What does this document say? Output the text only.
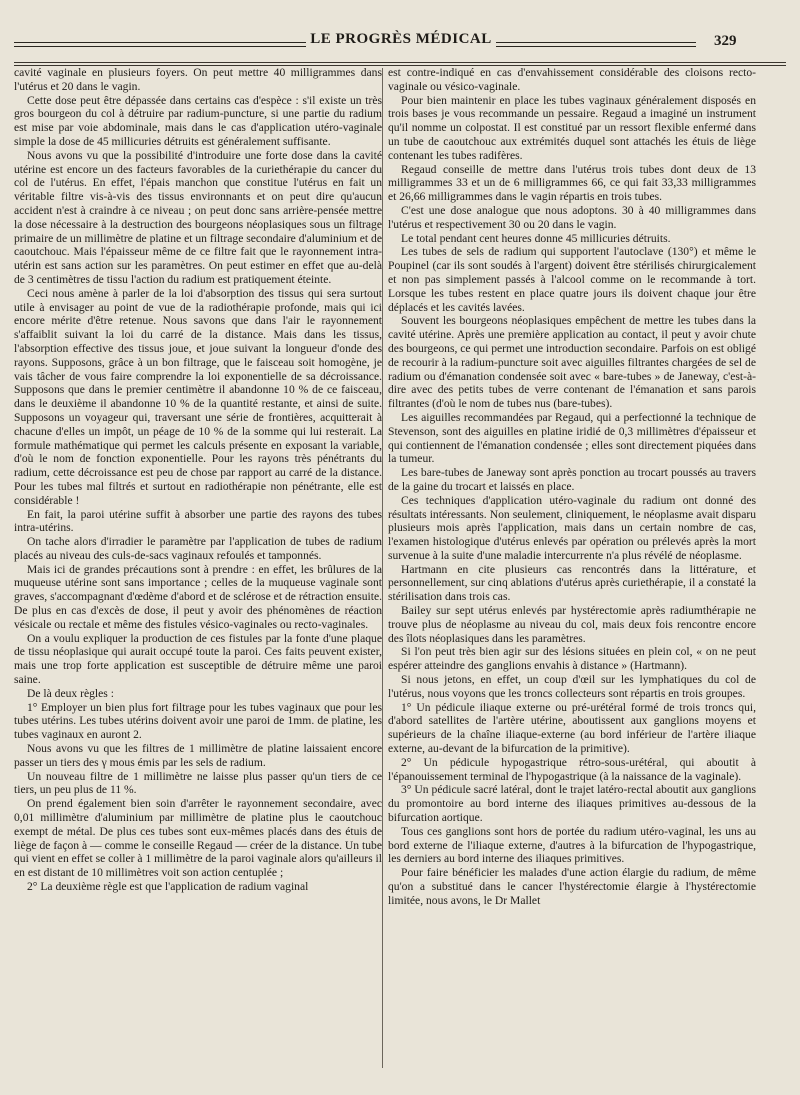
LE PROGRÈS MÉDICAL	329

cavité vaginale en plusieurs foyers. On peut mettre 40 milligrammes dans l'utérus et 20 dans le vagin.

Cette dose peut être dépassée dans certains cas d'espèce : s'il existe un très gros bourgeon du col à détruire par radium-puncture, si une partie du radium est mise par voie abdominale, mais dans le cas d'application utéro-vaginale simple la dose de 45 millicuries détruits est généralement suffisante.

Nous avons vu que la possibilité d'introduire une forte dose dans la cavité utérine est encore un des facteurs favorables de la curiethérapie du cancer du col de l'utérus. En effet, l'épais manchon que constitue l'utérus en fait un véritable filtre vis-à-vis des tissus environnants et on peut dire qu'aucun accident n'est à craindre à ce niveau ; on peut donc sans arrière-pensée mettre la dose nécessaire à la destruction des bourgeons néoplasiques sous un filtrage primaire de un millimètre de platine et un filtrage secondaire d'aluminium et de caoutchouc. Mais l'épaisseur même de ce filtre fait que le rayonnement intra-utérin est sans action sur les paramètres. On peut estimer en effet que au-delà de 3 centimètres de tissu l'action du radium est pratiquement éteinte.

Ceci nous amène à parler de la loi d'absorption des tissus qui sera surtout utile à envisager au point de vue de la radiothérapie profonde, mais qui ici encore mérite d'être retenue. Nous savons que dans l'air le rayonnement s'affaiblit suivant la loi du carré de la distance. Mais dans les tissus, l'absorption effective des tissus joue, et joue suivant la longueur d'onde des rayons. Supposons, grâce à un bon filtrage, que le faisceau soit homogène, je vais tâcher de vous faire comprendre la loi exponentielle de sa décroissance. Supposons que dans le premier centimètre il abandonne 10 % de ce faisceau, dans le deuxième il abandonne 10 % de la quantité restante, et ainsi de suite. Supposons un voyageur qui, traversant une série de frontières, acquitterait à chacune d'elles un impôt, un péage de 10 % de la somme qui lui resterait. La formule mathématique qui permet les calculs présente en exposant la variable, d'où le nom de fonction exponentielle. Pour les rayons très pénétrants du radium, cette décroissance est peu de chose par rapport au carré de la distance. Pour les tubes mal filtrés et surtout en radiothérapie non pénétrante, elle est considérable !

En fait, la paroi utérine suffit à absorber une partie des rayons des tubes intra-utérins.

On tache alors d'irradier le paramètre par l'application de tubes de radium placés au niveau des culs-de-sacs vaginaux refoulés et tamponnés.

Mais ici de grandes précautions sont à prendre : en effet, les brûlures de la muqueuse utérine sont sans importance ; celles de la muqueuse vaginale sont graves, s'accompagnant d'œdème d'abord et de sclérose et de rétraction ensuite. De plus en cas d'excès de dose, il peut y avoir des phénomènes de réaction vésicale ou rectale et même des fistules vésico-vaginales ou recto-vaginales.

On a voulu expliquer la production de ces fistules par la fonte d'une plaque de tissu néoplasique qui aurait occupé toute la paroi. Ces faits peuvent exister, mais une trop forte application est susceptible de détruire même une paroi saine.

De là deux règles :

1° Employer un bien plus fort filtrage pour les tubes vaginaux que pour les tubes utérins. Les tubes utérins doivent avoir une paroi de 1mm. de platine, les tubes vaginaux en auront 2.

Nous avons vu que les filtres de 1 millimètre de platine laissaient encore passer un tiers des γ mous émis par les sels de radium.

Un nouveau filtre de 1 millimètre ne laisse plus passer qu'un tiers de ce tiers, un peu plus de 11 %.

On prend également bien soin d'arrêter le rayonnement secondaire, avec 0,01 millimètre d'aluminium par millimètre de platine plus le caoutchouc exempt de métal. De plus ces tubes sont eux-mêmes placés dans des étuis de liège de façon à — comme le conseille Regaud — créer de la distance. Un tube qui vient en effet se coller à 1 millimètre de la paroi vaginale alors qu'ailleurs il en est distant de 10 millimètres voit son action centuplée ;

2° La deuxième règle est que l'application de radium vaginal

est contre-indiqué en cas d'envahissement considérable des cloisons recto-vaginale ou vésico-vaginale.

Pour bien maintenir en place les tubes vaginaux généralement disposés en trois bases je vous recommande un pessaire. Regaud a imaginé un instrument qu'il nomme un colpostat. Il est constitué par un ressort flexible enfermé dans un tube de caoutchouc aux extrémités duquel sont attachés les étuis de liège contenant les tubes radifères.

Regaud conseille de mettre dans l'utérus trois tubes dont deux de 13 milligrammes 33 et un de 6 milligrammes 66, ce qui fait 33,33 milligrammes et 26,66 milligrammes dans le vagin répartis en trois tubes.

C'est une dose analogue que nous adoptons. 30 à 40 milligrammes dans l'utérus et respectivement 30 ou 20 dans le vagin.

Le total pendant cent heures donne 45 millicuries détruits.

Les tubes de sels de radium qui supportent l'autoclave (130°) et même le Poupinel (car ils sont soudés à l'argent) doivent être stérilisés chirurgicalement et non pas simplement passés à l'alcool comme on le recommande à tort. Lorsque les tubes restent en place quatre jours ils doivent chaque jour être déplacés et les cavités lavées.

Souvent les bourgeons néoplasiques empêchent de mettre les tubes dans la cavité utérine. Après une première application au contact, il peut y avoir chute des bourgeons, ce qui permet une introduction secondaire. Parfois on est obligé de recourir à la radium-puncture soit avec aiguilles filtrantes chargées de sel de radium ou d'émanation condensée soit avec « bare-tubes » de Janeway, c'est-à-dire avec des petits tubes de verre contenant de l'émanation et sans parois filtrantes (d'où le nom de tubes nus (bare-tubes).

Les aiguilles recommandées par Regaud, qui a perfectionné la technique de Stevenson, sont des aiguilles en platine iridié de 0,3 millimètres d'épaisseur et qui contiennent de l'émanation condensée ; elles sont directement piquées dans la tumeur.

Les bare-tubes de Janeway sont après ponction au trocart poussés au travers de la gaine du trocart et laissés en place.

Ces techniques d'application utéro-vaginale du radium ont donné des résultats intéressants. Non seulement, cliniquement, le néoplasme avait disparu plusieurs mois après l'application, mais dans un certain nombre de cas, l'examen histologique d'utérus enlevés par opération ou prélevés après la mort survenue à la suite d'une maladie intercurrente n'a plus révélé de néoplasme.

Hartmann en cite plusieurs cas rencontrés dans la littérature, et personnellement, sur cinq ablations d'utérus après curiethérapie, il a constaté la stérilisation dans trois cas.

Bailey sur sept utérus enlevés par hystérectomie après radiumthérapie ne trouve plus de néoplasme au niveau du col, mais deux fois rencontre encore des îlots néoplasiques dans les paramètres.

Si l'on peut très bien agir sur des lésions situées en plein col, « on ne peut espérer atteindre des ganglions envahis à distance » (Hartmann).

Si nous jetons, en effet, un coup d'œil sur les lymphatiques du col de l'utérus, nous voyons que les troncs collecteurs sont répartis en trois groupes.

1° Un pédicule iliaque externe ou pré-urétéral formé de trois troncs qui, d'abord satellites de l'artère utérine, aboutissent aux ganglions moyens et supérieurs de la chaîne iliaque-externe (au bord inférieur de l'artère iliaque externe, au-devant de la bifurcation de la primitive).

2° Un pédicule hypogastrique rétro-sous-urétéral, qui aboutit à l'épanouissement terminal de l'hypogastrique (à la naissance de la vaginale).

3° Un pédicule sacré latéral, dont le trajet latéro-rectal aboutit aux ganglions du promontoire au bord interne des iliaques primitives au-dessous de la bifurcation aortique.

Tous ces ganglions sont hors de portée du radium utéro-vaginal, les uns au bord externe de l'iliaque externe, d'autres à la bifurcation de l'hypogastrique, les derniers au bord interne des iliaques primitives.

Pour faire bénéficier les malades d'une action élargie du radium, de même qu'on a substitué dans le cancer l'hystérectomie élargie à l'hystérectomie limitée, nous avons, le Dr Mallet
